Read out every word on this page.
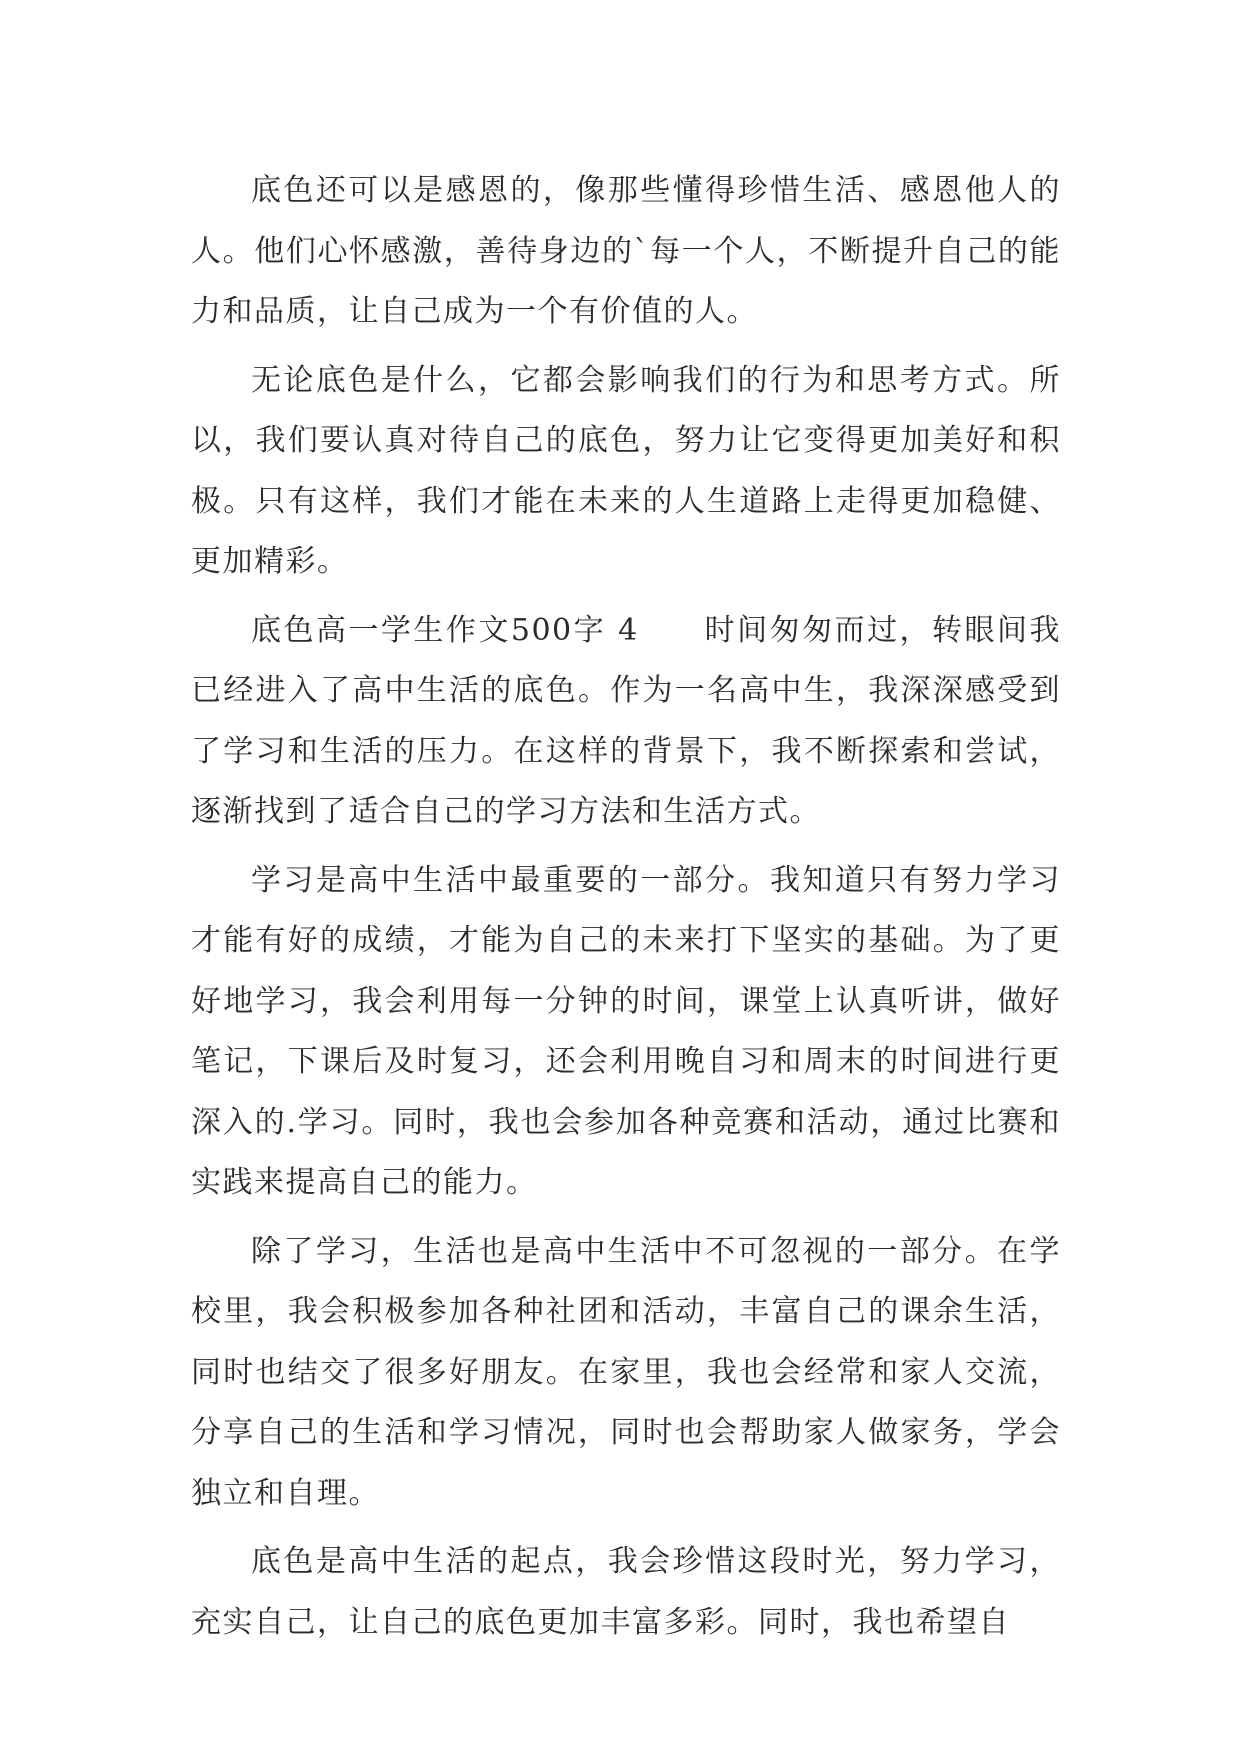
底色还可以是感恩的，像那些懂得珍惜生活、感恩他人的人。他们心怀感激，善待身边的`每一个人，不断提升自己的能力和品质，让自己成为一个有价值的人。

无论底色是什么，它都会影响我们的行为和思考方式。所以，我们要认真对待自己的底色，努力让它变得更加美好和积极。只有这样，我们才能在未来的人生道路上走得更加稳健、更加精彩。

底色高一学生作文500字 4　　时间匆匆而过，转眼间我已经进入了高中生活的底色。作为一名高中生，我深深感受到了学习和生活的压力。在这样的背景下，我不断探索和尝试，逐渐找到了适合自己的学习方法和生活方式。

学习是高中生活中最重要的一部分。我知道只有努力学习才能有好的成绩，才能为自己的未来打下坚实的基础。为了更好地学习，我会利用每一分钟的时间，课堂上认真听讲，做好笔记，下课后及时复习，还会利用晚自习和周末的时间进行更深入的.学习。同时，我也会参加各种竞赛和活动，通过比赛和实践来提高自己的能力。

除了学习，生活也是高中生活中不可忽视的一部分。在学校里，我会积极参加各种社团和活动，丰富自己的课余生活，同时也结交了很多好朋友。在家里，我也会经常和家人交流，分享自己的生活和学习情况，同时也会帮助家人做家务，学会独立和自理。

底色是高中生活的起点，我会珍惜这段时光，努力学习，充实自己，让自己的底色更加丰富多彩。同时，我也希望自
